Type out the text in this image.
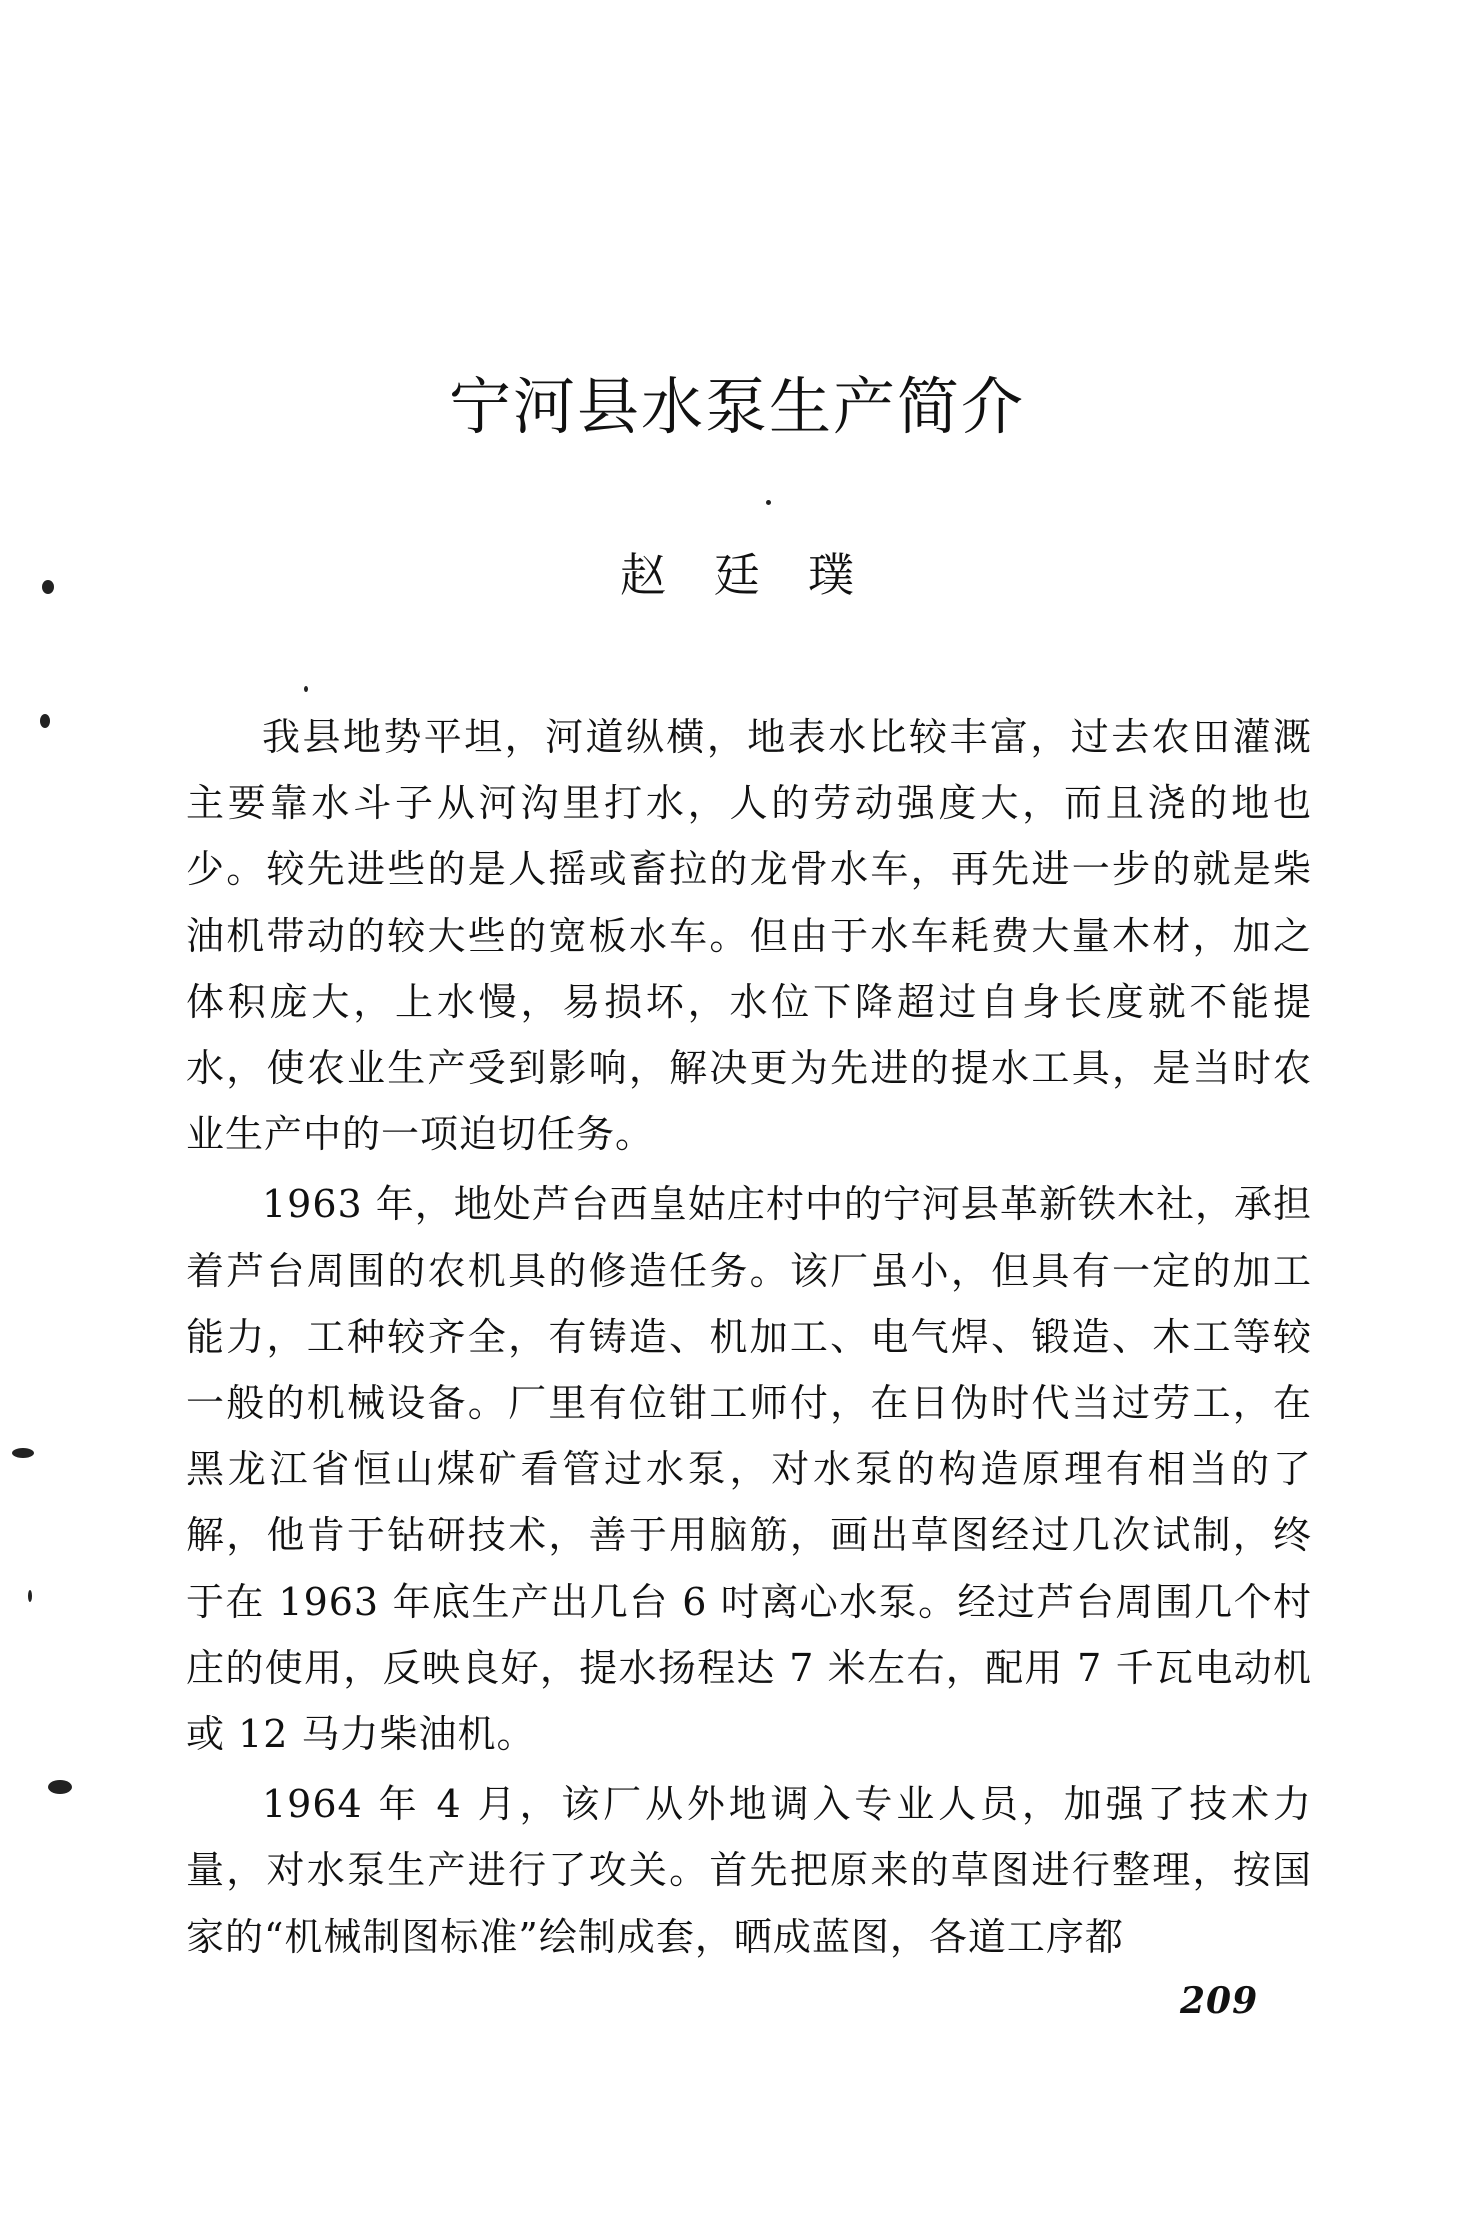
宁河县水泵生产简介
赵廷璞

我县地势平坦，河道纵横，地表水比较丰富，过去农田灌溉主要靠水斗子从河沟里打水，人的劳动强度大，而且浇的地也少。较先进些的是人摇或畜拉的龙骨水车，再先进一步的就是柴油机带动的较大些的宽板水车。但由于水车耗费大量木材，加之体积庞大，上水慢，易损坏，水位下降超过自身长度就不能提水，使农业生产受到影响，解决更为先进的提水工具，是当时农业生产中的一项迫切任务。

1963 年，地处芦台西皇姑庄村中的宁河县革新铁木社，承担着芦台周围的农机具的修造任务。该厂虽小，但具有一定的加工能力，工种较齐全，有铸造、机加工、电气焊、锻造、木工等较一般的机械设备。厂里有位钳工师付，在日伪时代当过劳工，在黑龙江省恒山煤矿看管过水泵，对水泵的构造原理有相当的了解，他肯于钻研技术，善于用脑筋，画出草图经过几次试制，终于在 1963 年底生产出几台 6 吋离心水泵。经过芦台周围几个村庄的使用，反映良好，提水扬程达 7 米左右，配用 7 千瓦电动机或 12 马力柴油机。

1964 年 4 月，该厂从外地调入专业人员，加强了技术力量，对水泵生产进行了攻关。首先把原来的草图进行整理，按国家的“机械制图标准”绘制成套，晒成蓝图，各道工序都

209
